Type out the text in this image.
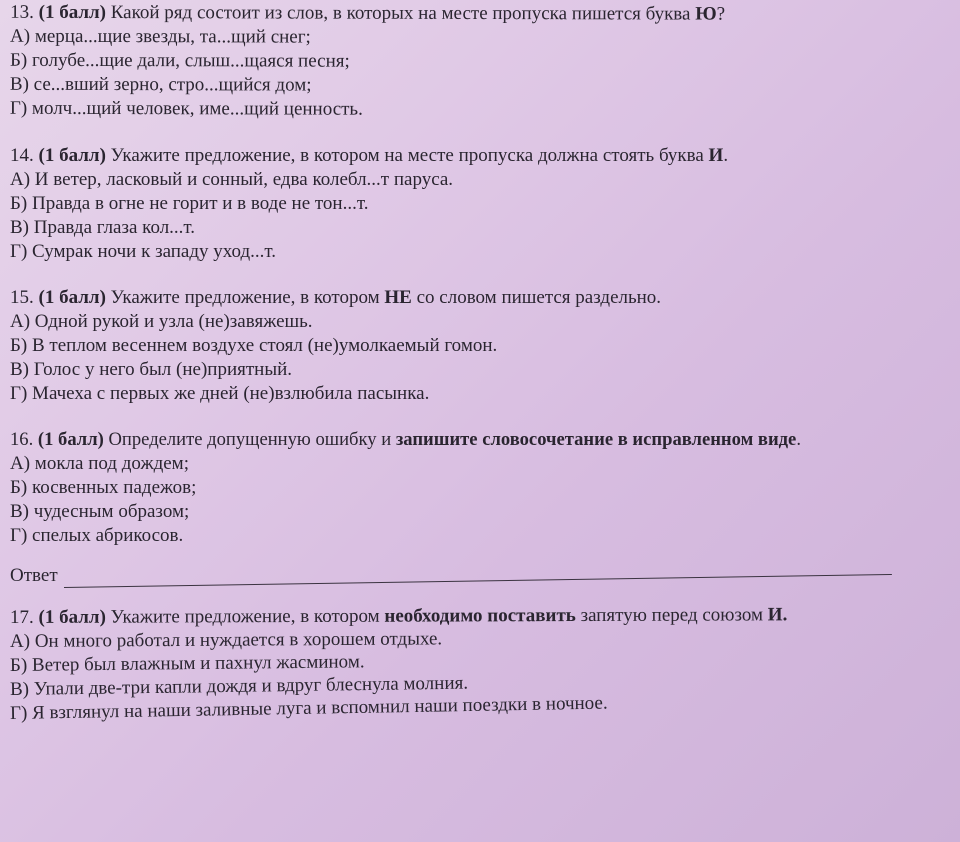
13. (1 балл) Какой ряд состоит из слов, в которых на месте пропуска пишется буква Ю?

А) мерца...щие звезды, та...щий снег;

Б) голубе...щие дали, слыш...щаяся песня;

В) се...вший зерно, стро...щийся дом;

Г) молч...щий человек, име...щий ценность.

14. (1 балл) Укажите предложение, в котором на месте пропуска должна стоять буква И.

А) И ветер, ласковый и сонный, едва колебл...т паруса.

Б) Правда в огне не горит и в воде не тон...т.

В) Правда глаза кол...т.

Г) Сумрак ночи к западу уход...т.

15. (1 балл) Укажите предложение, в котором НЕ со словом пишется раздельно.

А) Одной рукой и узла (не)завяжешь.

Б) В теплом весеннем воздухе стоял (не)умолкаемый гомон.

В) Голос у него был (не)приятный.

Г) Мачеха с первых же дней (не)взлюбила пасынка.

16. (1 балл) Определите допущенную ошибку и запишите словосочетание в исправленном виде.

А) мокла под дождем;

Б) косвенных падежов;

В) чудесным образом;

Г) спелых абрикосов.

Ответ

17. (1 балл) Укажите предложение, в котором необходимо поставить запятую перед союзом И.

А) Он много работал и нуждается в хорошем отдыхе.

Б) Ветер был влажным и пахнул жасмином.

В) Упали две-три капли дождя и вдруг блеснула молния.

Г) Я взглянул на наши заливные луга и вспомнил наши поездки в ночное.
